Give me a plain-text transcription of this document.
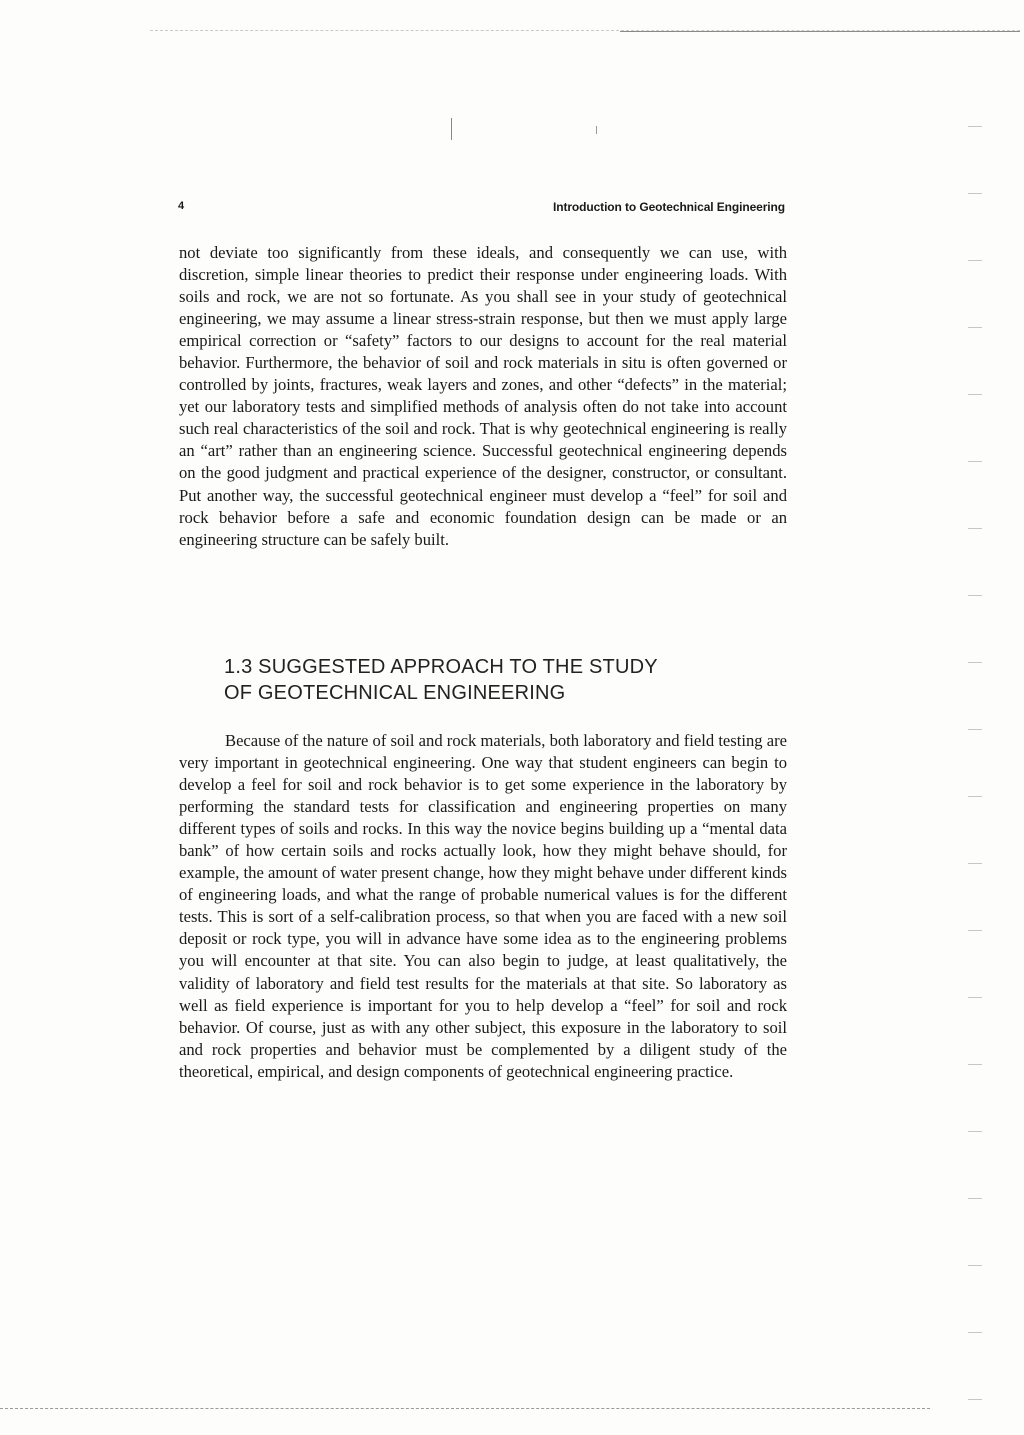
4	Introduction to Geotechnical Engineering

not deviate too significantly from these ideals, and consequently we can use, with discretion, simple linear theories to predict their response under engineering loads. With soils and rock, we are not so fortunate. As you shall see in your study of geotechnical engineering, we may assume a linear stress-strain response, but then we must apply large empirical correction or “safety” factors to our designs to account for the real material behavior. Furthermore, the behavior of soil and rock materials in situ is often governed or controlled by joints, fractures, weak layers and zones, and other “defects” in the material; yet our laboratory tests and simplified methods of analysis often do not take into account such real characteristics of the soil and rock. That is why geotechnical engineering is really an “art” rather than an engineering science. Successful geotechnical engineering depends on the good judgment and practical experience of the designer, constructor, or consultant. Put another way, the successful geotechnical engineer must develop a “feel” for soil and rock behavior before a safe and economic foundation design can be made or an engineering structure can be safely built.

1.3 SUGGESTED APPROACH TO THE STUDY
OF GEOTECHNICAL ENGINEERING

Because of the nature of soil and rock materials, both laboratory and field testing are very important in geotechnical engineering. One way that student engineers can begin to develop a feel for soil and rock behavior is to get some experience in the laboratory by performing the standard tests for classification and engineering properties on many different types of soils and rocks. In this way the novice begins building up a “mental data bank” of how certain soils and rocks actually look, how they might behave should, for example, the amount of water present change, how they might behave under different kinds of engineering loads, and what the range of probable numerical values is for the different tests. This is sort of a self-calibration process, so that when you are faced with a new soil deposit or rock type, you will in advance have some idea as to the engineering problems you will encounter at that site. You can also begin to judge, at least qualitatively, the validity of laboratory and field test results for the materials at that site. So laboratory as well as field experience is important for you to help develop a “feel” for soil and rock behavior. Of course, just as with any other subject, this exposure in the laboratory to soil and rock properties and behavior must be complemented by a diligent study of the theoretical, empirical, and design components of geotechnical engineering practice.
